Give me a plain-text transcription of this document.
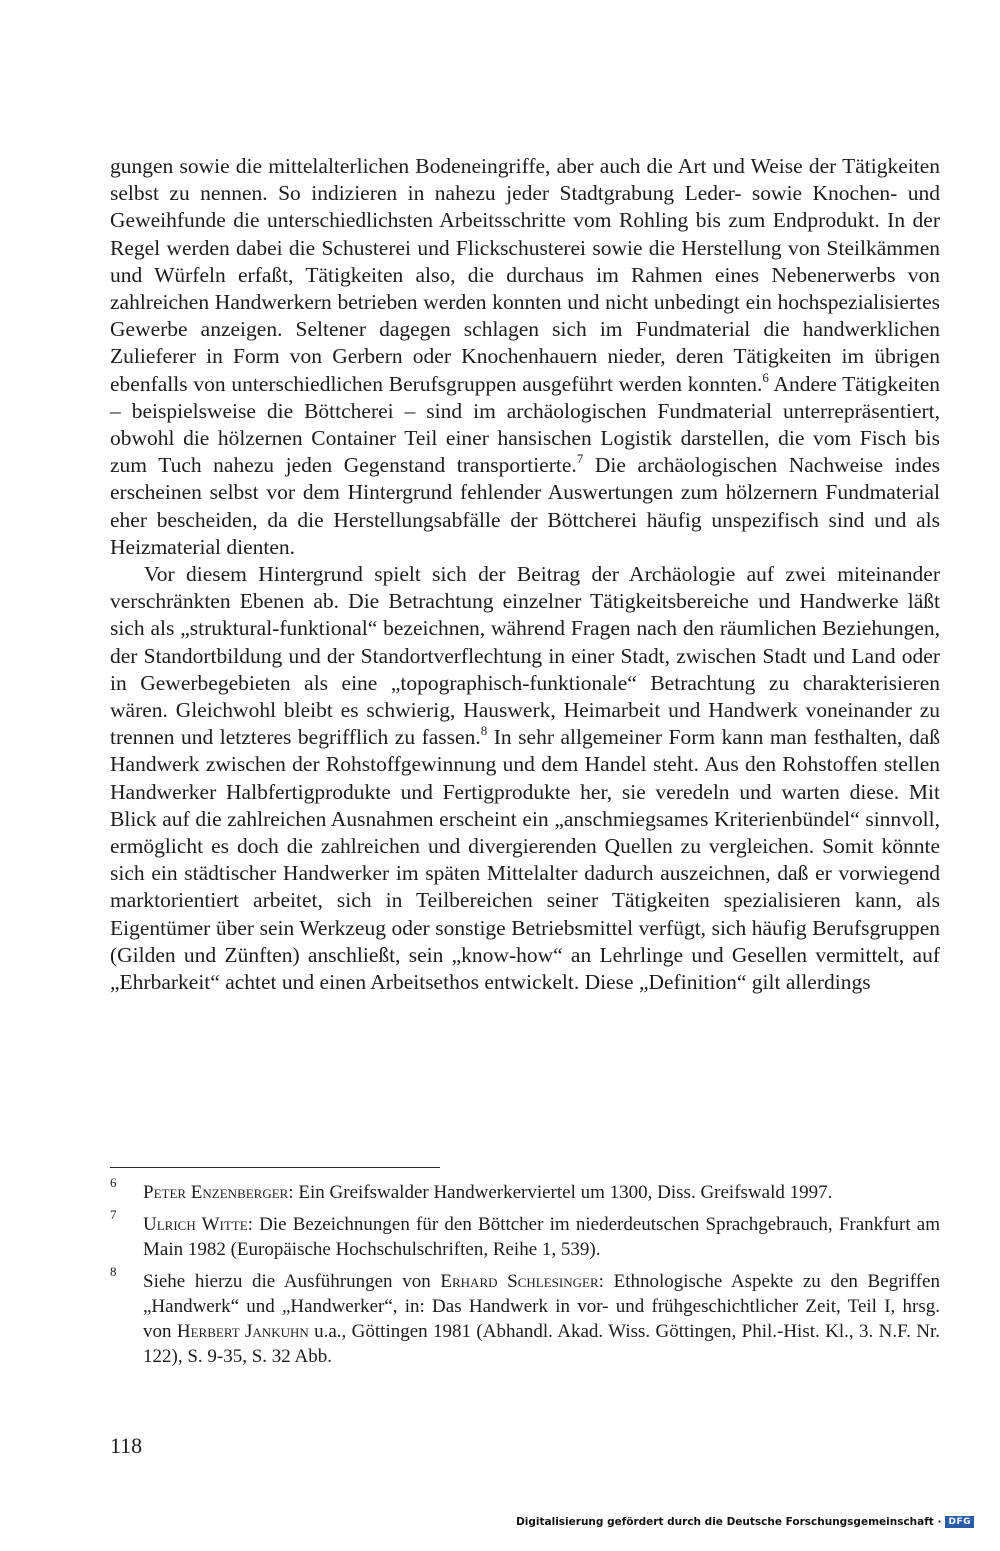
gungen sowie die mittelalterlichen Bodeneingriffe, aber auch die Art und Weise der Tätigkeiten selbst zu nennen. So indizieren in nahezu jeder Stadtgrabung Leder- sowie Knochen- und Geweihfunde die unterschiedlichsten Arbeitsschritte vom Rohling bis zum Endprodukt. In der Regel werden dabei die Schusterei und Flickschusterei sowie die Herstellung von Steilkämmen und Würfeln erfaßt, Tätigkeiten also, die durchaus im Rahmen eines Nebenerwerbs von zahlreichen Handwerkern betrieben werden konnten und nicht unbedingt ein hochspezialisiertes Gewerbe anzeigen. Seltener dagegen schlagen sich im Fundmaterial die handwerklichen Zulieferer in Form von Gerbern oder Knochenhauern nieder, deren Tätigkeiten im übrigen ebenfalls von unterschiedlichen Berufsgruppen ausgeführt werden konnten.$^6$ Andere Tätigkeiten – beispielsweise die Böttcherei – sind im archäologischen Fundmaterial unterrepräsentiert, obwohl die hölzernen Container Teil einer hansischen Logistik darstellen, die vom Fisch bis zum Tuch nahezu jeden Gegenstand transportierte.$^7$ Die archäologischen Nachweise indes erscheinen selbst vor dem Hintergrund fehlender Auswertungen zum hölzernern Fundmaterial eher bescheiden, da die Herstellungsabfälle der Böttcherei häufig unspezifisch sind und als Heizmaterial dienten.

Vor diesem Hintergrund spielt sich der Beitrag der Archäologie auf zwei miteinander verschränkten Ebenen ab. Die Betrachtung einzelner Tätigkeitsbereiche und Handwerke läßt sich als „struktural-funktional“ bezeichnen, während Fragen nach den räumlichen Beziehungen, der Standortbildung und der Standortverflechtung in einer Stadt, zwischen Stadt und Land oder in Gewerbegebieten als eine „topographisch-funktionale“ Betrachtung zu charakterisieren wären. Gleichwohl bleibt es schwierig, Hauswerk, Heimarbeit und Handwerk voneinander zu trennen und letzteres begrifflich zu fassen.$^8$ In sehr allgemeiner Form kann man festhalten, daß Handwerk zwischen der Rohstoffgewinnung und dem Handel steht. Aus den Rohstoffen stellen Handwerker Halbfertigprodukte und Fertigprodukte her, sie veredeln und warten diese. Mit Blick auf die zahlreichen Ausnahmen erscheint ein „anschmiegsames Kriterienbündel“ sinnvoll, ermöglicht es doch die zahlreichen und divergierenden Quellen zu vergleichen. Somit könnte sich ein städtischer Handwerker im späten Mittelalter dadurch auszeichnen, daß er vorwiegend marktorientiert arbeitet, sich in Teilbereichen seiner Tätigkeiten spezialisieren kann, als Eigentümer über sein Werkzeug oder sonstige Betriebsmittel verfügt, sich häufig Berufsgruppen (Gilden und Zünften) anschließt, sein „know-how“ an Lehrlinge und Gesellen vermittelt, auf „Ehrbarkeit“ achtet und einen Arbeitsethos entwickelt. Diese „Definition“ gilt allerdings

6 Peter Enzenberger: Ein Greifswalder Handwerkerviertel um 1300, Diss. Greifswald 1997.
7 Ulrich Witte: Die Bezeichnungen für den Böttcher im niederdeutschen Sprachgebrauch, Frankfurt am Main 1982 (Europäische Hochschulschriften, Reihe 1, 539).
8 Siehe hierzu die Ausführungen von Erhard Schlesinger: Ethnologische Aspekte zu den Begriffen „Handwerk“ und „Handwerker“, in: Das Handwerk in vor- und frühgeschichtlicher Zeit, Teil I, hrsg. von Herbert Jankuhn u.a., Göttingen 1981 (Abhandl. Akad. Wiss. Göttingen, Phil.-Hist. Kl., 3. N.F. Nr. 122), S. 9-35, S. 32 Abb.
118
Digitalisierung gefördert durch die Deutsche Forschungsgemeinschaft · DFG
